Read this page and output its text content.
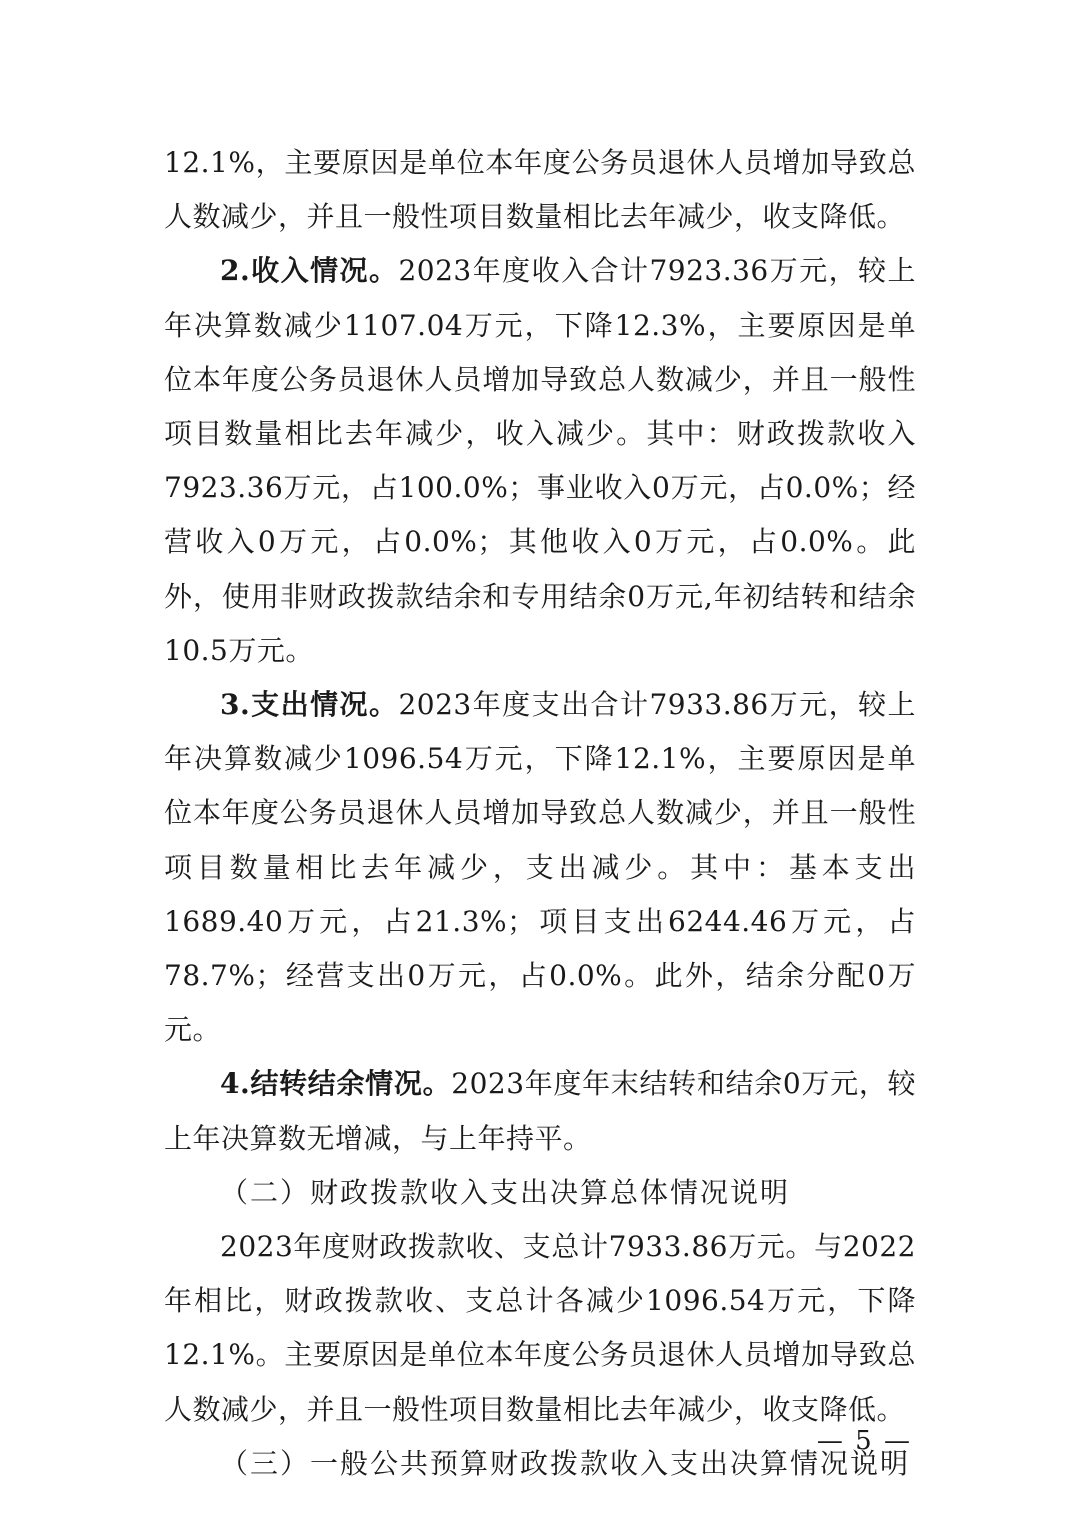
12.1%，主要原因是单位本年度公务员退休人员增加导致总人数减少，并且一般性项目数量相比去年减少，收支降低。

2.收入情况。2023年度收入合计7923.36万元，较上年决算数减少1107.04万元，下降12.3%，主要原因是单位本年度公务员退休人员增加导致总人数减少，并且一般性项目数量相比去年减少，收入减少。其中：财政拨款收入7923.36万元，占100.0%；事业收入0万元，占0.0%；经营收入0万元，占0.0%；其他收入0万元，占0.0%。此外，使用非财政拨款结余和专用结余0万元,年初结转和结余10.5万元。

3.支出情况。2023年度支出合计7933.86万元，较上年决算数减少1096.54万元，下降12.1%，主要原因是单位本年度公务员退休人员增加导致总人数减少，并且一般性项目数量相比去年减少，支出减少。其中：基本支出1689.40万元，占21.3%；项目支出6244.46万元，占78.7%；经营支出0万元，占0.0%。此外，结余分配0万元。

4.结转结余情况。2023年度年末结转和结余0万元，较上年决算数无增减，与上年持平。

（二）财政拨款收入支出决算总体情况说明

2023年度财政拨款收、支总计7933.86万元。与2022年相比，财政拨款收、支总计各减少1096.54万元，下降12.1%。主要原因是单位本年度公务员退休人员增加导致总人数减少，并且一般性项目数量相比去年减少，收支降低。

（三）一般公共预算财政拨款收入支出决算情况说明

— 5 —
